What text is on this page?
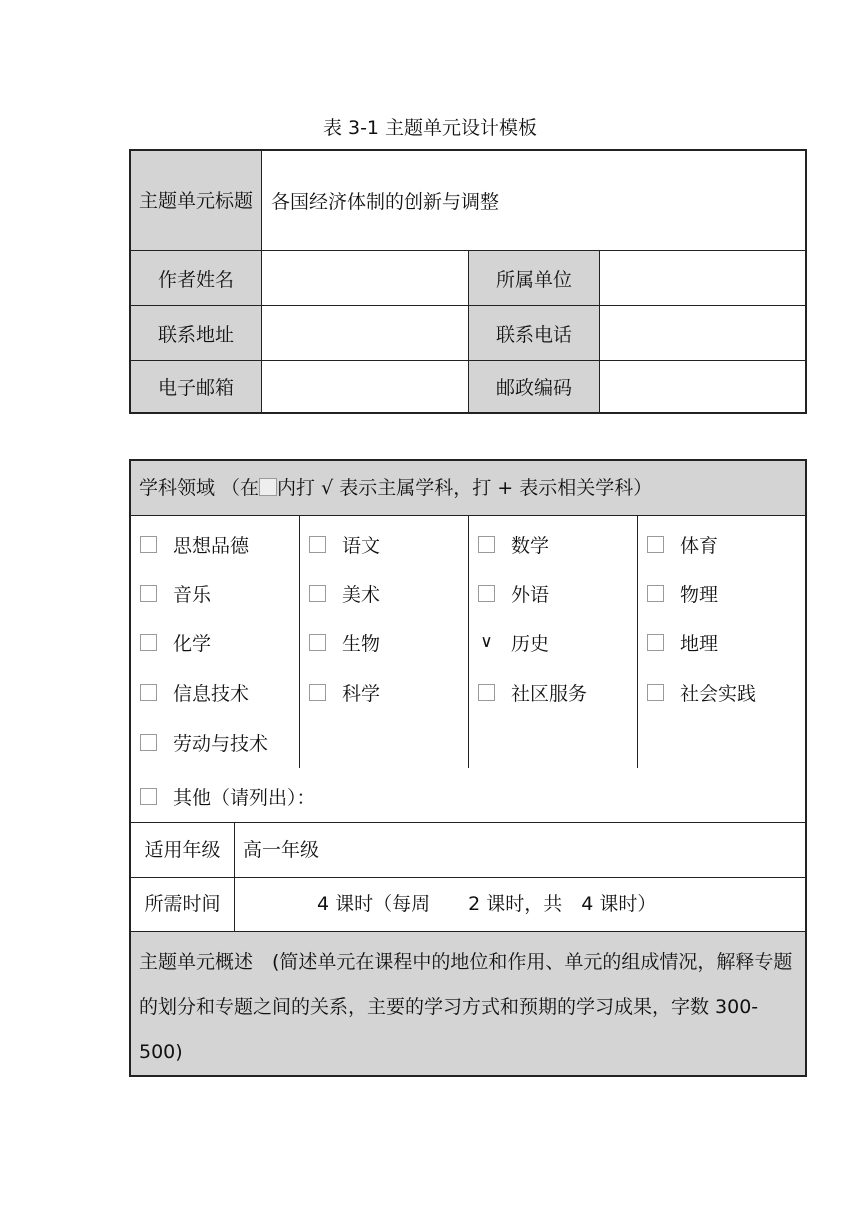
表 3-1 主题单元设计模板
主题单元标题 各国经济体制的创新与调整
作者姓名	所属单位
联系地址	联系电话
电子邮箱	邮政编码
学科领域 （在 内打 √ 表示主属学科，打 + 表示相关学科）
思想品德	语文	数学	体育
音乐	美术	外语	物理
化学	生物	∨ 历史	地理
信息技术	科学	社区服务	社会实践
劳动与技术
其他（请列出）：
适用年级	高一年级
所需时间	4 课时（每周　　2 课时，共　4 课时）
主题单元概述　(简述单元在课程中的地位和作用、单元的组成情况，解释专题的划分和专题之间的关系，主要的学习方式和预期的学习成果，字数 300-500)
